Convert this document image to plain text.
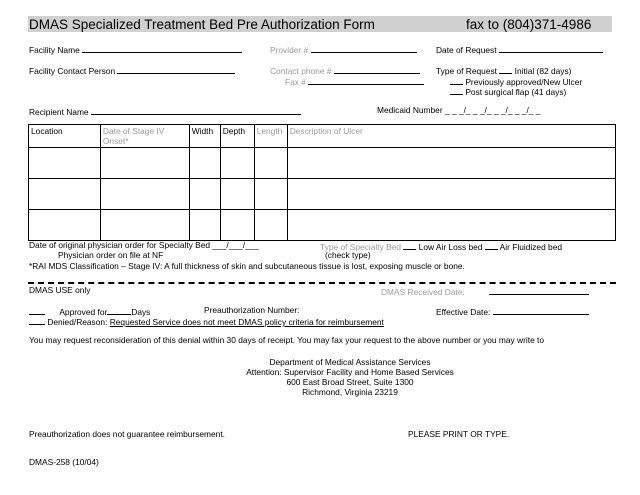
DMAS Specialized Treatment Bed Pre Authorization Form	fax to (804)371-4986
Facility Name	Provider #	Date of Request
Facility Contact Person	Contact phone #
Fax #
Type of Request Initial (82 days)
Previously approved/New Ulcer
Post surgical flap (41 days)
Recipient Name	Medicaid Number _ _ _/_ _ _/_ _ _/_ _ _/_ _
Location	Date of Stage IV Onset*	Width	Depth	Length	Description of Ulcer

Date of original physician order for Specialty Bed ___/___/___	Type of Specialty Bed Low Air Loss bed Air Fluidized bed
Physician order on file at NF	(check type)
*RAI MDS Classification – Stage IV: A full thickness of skin and subcutaneous tissue is lost, exposing muscle or bone.
DMAS USE only	DMAS Received Date:
Approved for	Days	Preauthorization Number:	Effective Date:
Denied/Reason: Requested Service does not meet DMAS policy criteria for reimbursement
You may request reconsideration of this denial within 30 days of receipt. You may fax your request to the above number or you may write to
Department of Medical Assistance Services
Attention: Supervisor Facility and Home Based Services
600 East Broad Street, Suite 1300
Richmond, Virginia 23219
Preauthorization does not guarantee reimbursement.	PLEASE PRINT OR TYPE.
DMAS-258 (10/04)
